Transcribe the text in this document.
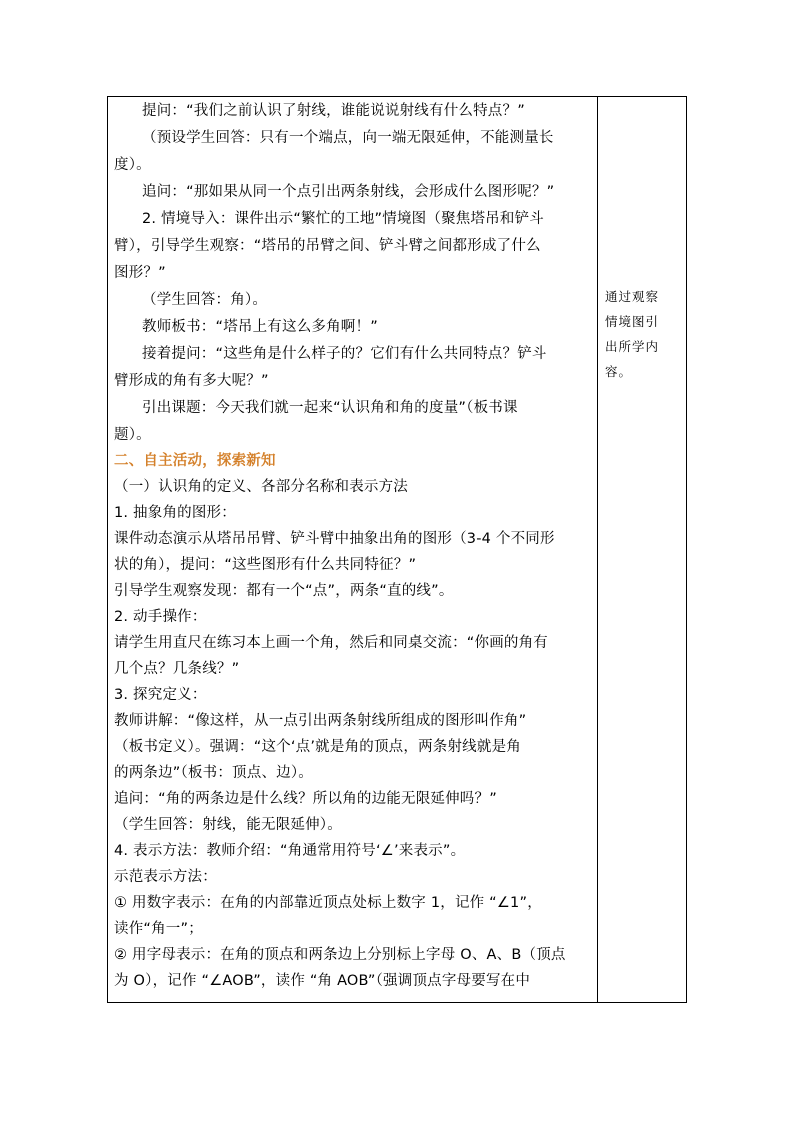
提问：“我们之前认识了射线，谁能说说射线有什么特点？”
（预设学生回答：只有一个端点，向一端无限延伸，不能测量长
度）。
追问：“那如果从同一个点引出两条射线，会形成什么图形呢？”
2. 情境导入：课件出示“繁忙的工地”情境图（聚焦塔吊和铲斗
臂），引导学生观察：“塔吊的吊臂之间、铲斗臂之间都形成了什么
图形？”
（学生回答：角）。
教师板书：“塔吊上有这么多角啊！”
接着提问：“这些角是什么样子的？它们有什么共同特点？铲斗
臂形成的角有多大呢？”
引出课题：今天我们就一起来“认识角和角的度量”（板书课
题）。
二、自主活动，探索新知
（一）认识角的定义、各部分名称和表示方法
1. 抽象角的图形：
课件动态演示从塔吊吊臂、铲斗臂中抽象出角的图形（3-4 个不同形
状的角），提问：“这些图形有什么共同特征？”
引导学生观察发现：都有一个“点”，两条“直的线”。
2. 动手操作：
请学生用直尺在练习本上画一个角，然后和同桌交流：“你画的角有
几个点？几条线？”
3. 探究定义：
教师讲解：“像这样，从一点引出两条射线所组成的图形叫作角”
（板书定义）。强调：“这个‘点’就是角的顶点，两条射线就是角
的两条边”（板书：顶点、边）。
追问：“角的两条边是什么线？所以角的边能无限延伸吗？”
（学生回答：射线，能无限延伸）。
4. 表示方法：教师介绍：“角通常用符号‘∠’来表示”。
示范表示方法：
① 用数字表示：在角的内部靠近顶点处标上数字 1，记作 “∠1”，
读作“角一”；
② 用字母表示：在角的顶点和两条边上分别标上字母 O、A、B（顶点
为 O），记作 “∠AOB”，读作 “角 AOB”（强调顶点字母要写在中
通过观察
情境图引
出所学内
容。
